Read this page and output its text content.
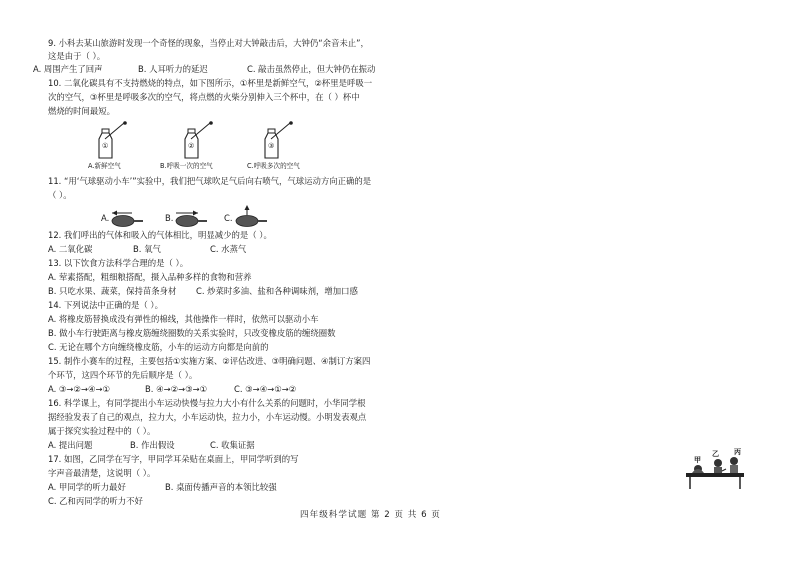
9. 小科去某山旅游时发现一个奇怪的现象，当停止对大钟敲击后，大钟仍“余音未止”，
这是由于（ ）。
A. 周围产生了回声	B. 人耳听力的延迟	C. 敲击虽然停止，但大钟仍在振动
10. 二氧化碳具有不支持燃烧的特点，如下图所示，①杯里是新鲜空气，②杯里是呼吸一
次的空气，③杯里是呼吸多次的空气，将点燃的火柴分别伸入三个杯中，在（ ）杯中
燃烧的时间最短。
①	②	③
A.新鲜空气	B.呼吸一次的空气	C.呼吸多次的空气
11. “用‘气球驱动小车’”实验中，我们把气球吹足气后向右喷气，气球运动方向正确的是
（ ）。
A.	B.	C.
12. 我们呼出的气体和吸入的气体相比，明显减少的是（ ）。
A. 二氧化碳	B. 氧气	C. 水蒸气
13. 以下饮食方法科学合理的是（ ）。
A. 荤素搭配，粗细粮搭配，摄入品种多样的食物和营养
B. 只吃水果、蔬菜，保持苗条身材 C. 炒菜时多油、盐和各种调味剂，增加口感
14. 下列说法中正确的是（ ）。
A. 将橡皮筋替换成没有弹性的棉线，其他操作一样时，依然可以驱动小车
B. 做小车行驶距离与橡皮筋缠绕圈数的关系实验时，只改变橡皮筋的缠绕圈数
C. 无论在哪个方向缠绕橡皮筋，小车的运动方向都是向前的
15. 制作小赛车的过程，主要包括①实施方案、②评估改进、③明确问题、④制订方案四
个环节，这四个环节的先后顺序是（ ）。
A. ③→②→④→①	B. ④→②→③→①	C. ③→④→①→②
16. 科学课上，有同学提出小车运动快慢与拉力大小有什么关系的问题时，小华同学根
据经验发表了自己的观点，拉力大，小车运动快，拉力小，小车运动慢。小明发表观点
属于探究实验过程中的（ ）。
A. 提出问题	B. 作出假设	C. 收集证据
17. 如图，乙同学在写字，甲同学耳朵贴在桌面上，甲同学听到的写
字声音最清楚，这说明（ ）。
A. 甲同学的听力最好	B. 桌面传播声音的本领比较强
C. 乙和丙同学的听力不好
甲
乙 丙
四年级科学试题 第 2 页 共 6 页
